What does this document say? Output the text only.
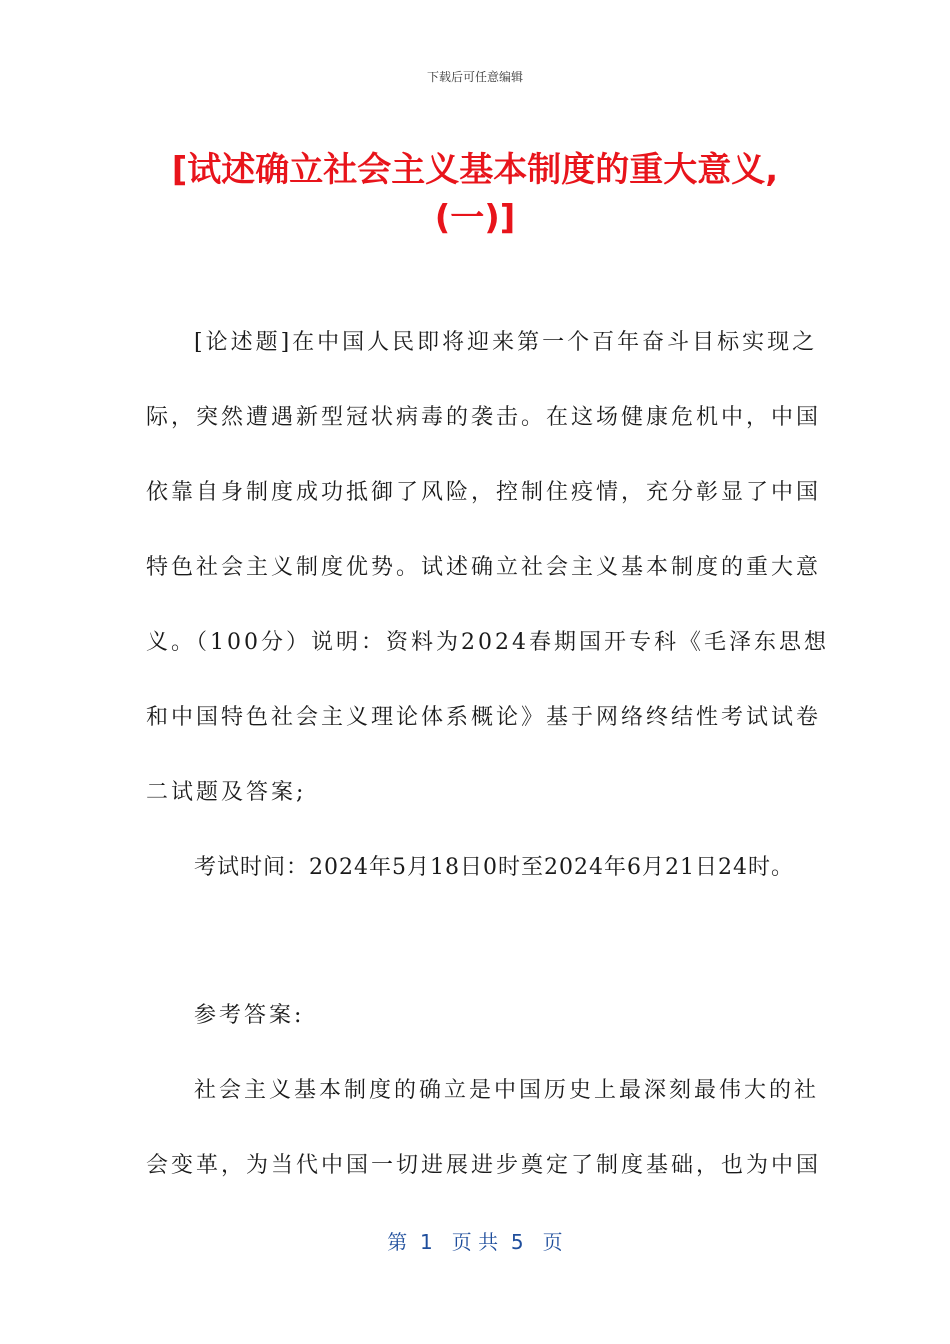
下载后可任意编辑
[试述确立社会主义基本制度的重大意义,
(一)]
[论述题]在中国人民即将迎来第一个百年奋斗目标实现之
际，突然遭遇新型冠状病毒的袭击。在这场健康危机中，中国
依靠自身制度成功抵御了风险，控制住疫情，充分彰显了中国
特色社会主义制度优势。试述确立社会主义基本制度的重大意
义。（100分）说明：资料为2024春期国开专科《毛泽东思想
和中国特色社会主义理论体系概论》基于网络终结性考试试卷
二试题及答案;
考试时间：2024年5月18日0时至2024年6月21日24时。
参考答案:
社会主义基本制度的确立是中国历史上最深刻最伟大的社
会变革，为当代中国一切进展进步奠定了制度基础，也为中国
第  1   页 共  5   页
